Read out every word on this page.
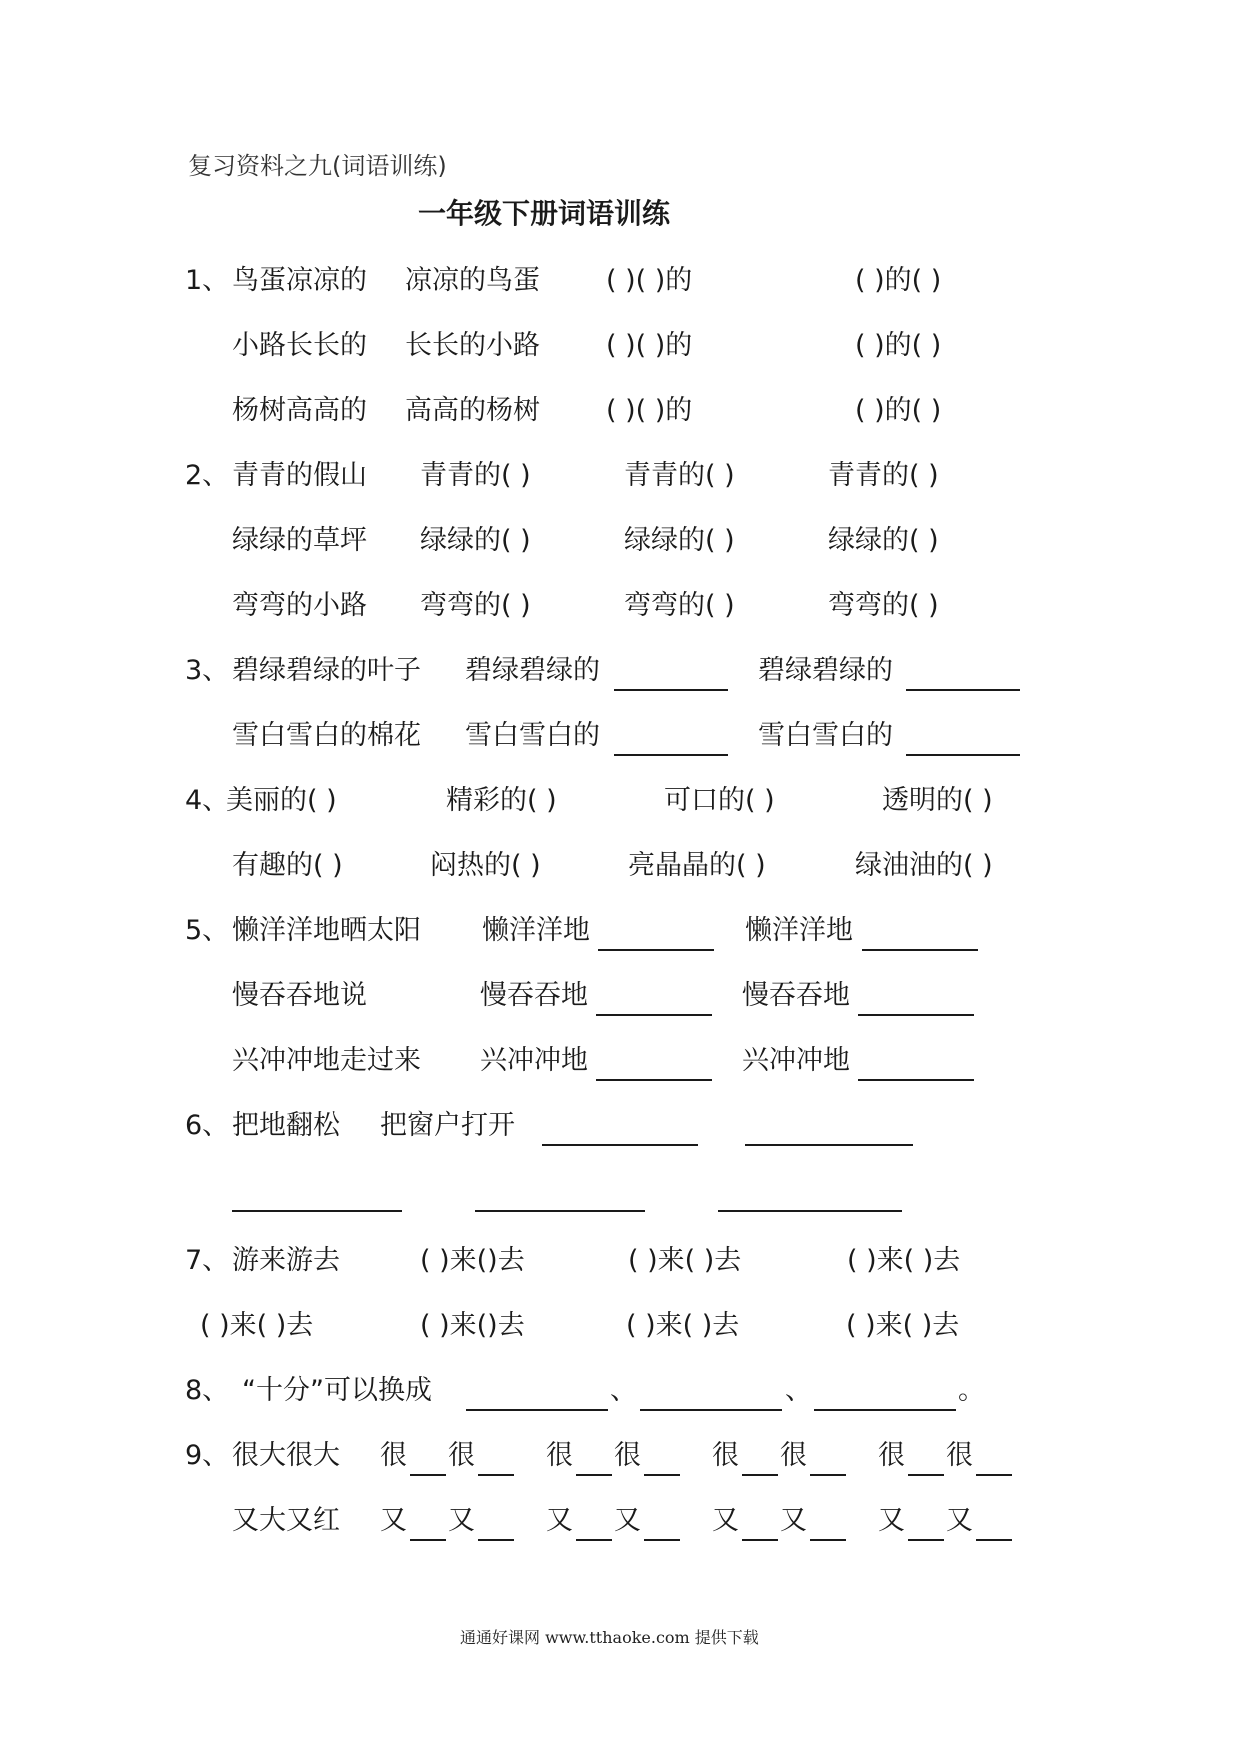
复习资料之九(词语训练)
一年级下册词语训练
1、 鸟蛋凉凉的 凉凉的鸟蛋 ( )( )的	( )的( )
小路长长的 长长的小路 ( )( )的	( )的( )
杨树高高的 高高的杨树 ( )( )的	( )的( )
2、 青青的假山 青青的( )	青青的( )	青青的( )
绿绿的草坪 绿绿的( )	绿绿的( )	绿绿的( )
弯弯的小路 弯弯的( )	弯弯的( )	弯弯的( )
3、 碧绿碧绿的叶子 碧绿碧绿的	碧绿碧绿的
雪白雪白的棉花 雪白雪白的	雪白雪白的
4、
美丽的( )	精彩的( )	可口的( )	透明的( )
有趣的( )	闷热的( )	亮晶晶的( )	绿油油的( )
5、 懒洋洋地晒太阳 懒洋洋地	懒洋洋地
慢吞吞地说	慢吞吞地	慢吞吞地
兴冲冲地走过来 兴冲冲地	兴冲冲地
6、 把地翻松 把窗户打开
7、 游来游去	( )来()去	( )来( )去	( )来( )去
( )来( )去	( )来()去	( )来( )去	( )来( )去
8、 “十分”可以换成	、	、	。
9、 很大很大 很 很	很 很	很 很	很 很
又大又红 又 又	又 又	又 又	又 又
通通好课网 www.tthaoke.com 提供下载
